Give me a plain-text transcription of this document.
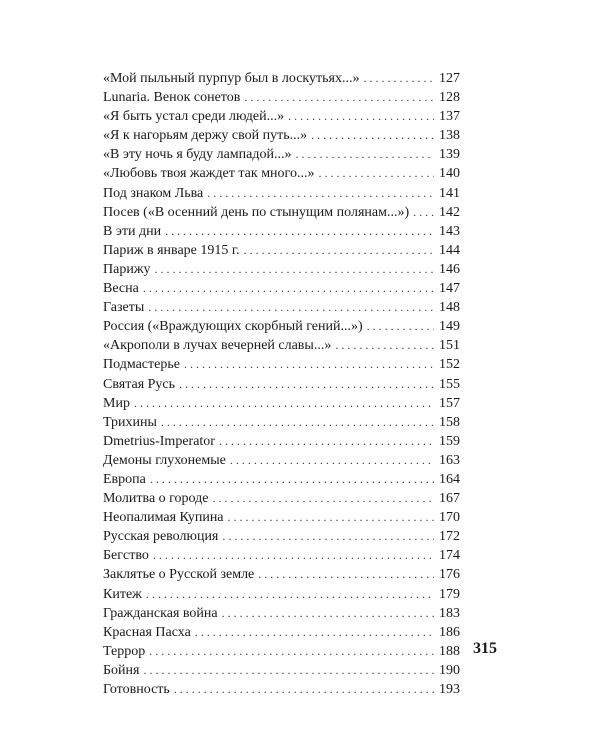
«Мой пыльный пурпур был в лоскутьях...» . . .	127
Lunaria. Венок сонетов . . .	128
«Я быть устал среди людей...» . . .	137
«Я к нагорьям держу свой путь...» . . .	138
«В эту ночь я буду лампадой...» . . .	139
«Любовь твоя жаждет так много...» . . .	140
Под знаком Льва . . .	141
Посев («В осенний день по стынущим полянам...») . . .	142
В эти дни . . .	143
Париж в январе 1915 г. . . .	144
Парижу . . .	146
Весна . . .	147
Газеты . . .	148
Россия («Враждующих скорбный гений...») . . .	149
«Акрополи в лучах вечерней славы...» . . .	151
Подмастерье . . .	152
Святая Русь . . .	155
Мир . . .	157
Трихины . . .	158
Dmetrius-Imperator . . .	159
Демоны глухонемые . . .	163
Европа . . .	164
Молитва о городе . . .	167
Неопалимая Купина . . .	170
Русская революция . . .	172
Бегство . . .	174
Заклятье о Русской земле . . .	176
Китеж . . .	179
Гражданская война . . .	183
Красная Пасха . . .	186
Террор . . .	188
Бойня . . .	190
Готовность . . .	193
315
